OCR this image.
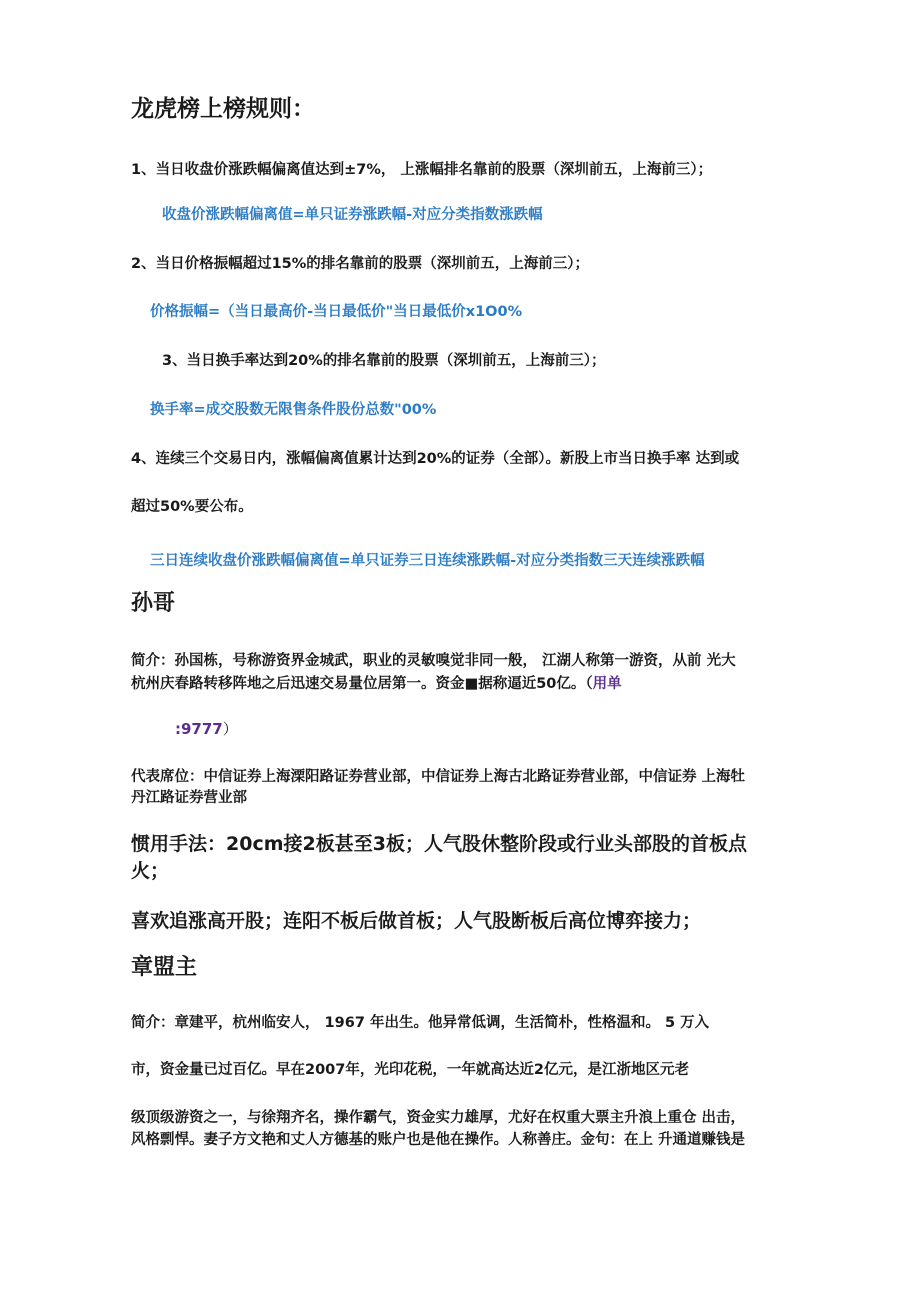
龙虎榜上榜规则：
1、当日收盘价涨跌幅偏离值达到±7%， 上涨幅排名靠前的股票（深圳前五，上海前三）；
收盘价涨跌幅偏离值=单只证券涨跌幅-对应分类指数涨跌幅
2、当日价格振幅超过15%的排名靠前的股票（深圳前五，上海前三）；
价格振幅=（当日最高价-当日最低价"当日最低价x1O0%
3、当日换手率达到20%的排名靠前的股票（深圳前五，上海前三）；
换手率=成交股数无限售条件股份总数"00%
4、连续三个交易日内，涨幅偏离值累计达到20%的证券（全部）。新股上市当日换手率 达到或
超过50%要公布。
三日连续收盘价涨跌幅偏离值=单只证券三日连续涨跌幅-对应分类指数三天连续涨跌幅
孙哥
简介：孙国栋，号称游资界金城武，职业的灵敏嗅觉非同一般， 江湖人称第一游资，从前 光大
杭州庆春路转移阵地之后迅速交易量位居第一。资金■据称逼近50亿。（用单
:9777）
代表席位：中信证券上海溧阳路证券营业部，中信证券上海古北路证券营业部，中信证券 上海牡
丹江路证券营业部
惯用手法：20cm接2板甚至3板；人气股休整阶段或行业头部股的首板点
火；
喜欢追涨高开股；连阳不板后做首板；人气股断板后高位博弈接力；
章盟主
简介：章建平，杭州临安人， 1967 年出生。他异常低调，生活简朴，性格温和。 5 万入
市，资金量已过百亿。早在2007年，光印花税，一年就高达近2亿元，是江浙地区元老
级顶级游资之一，与徐翔齐名，操作霸气，资金实力雄厚，尤好在权重大票主升浪上重仓 出击，
风格剽悍。妻子方文艳和丈人方德基的账户也是他在操作。人称善庄。金句：在上 升通道赚钱是
